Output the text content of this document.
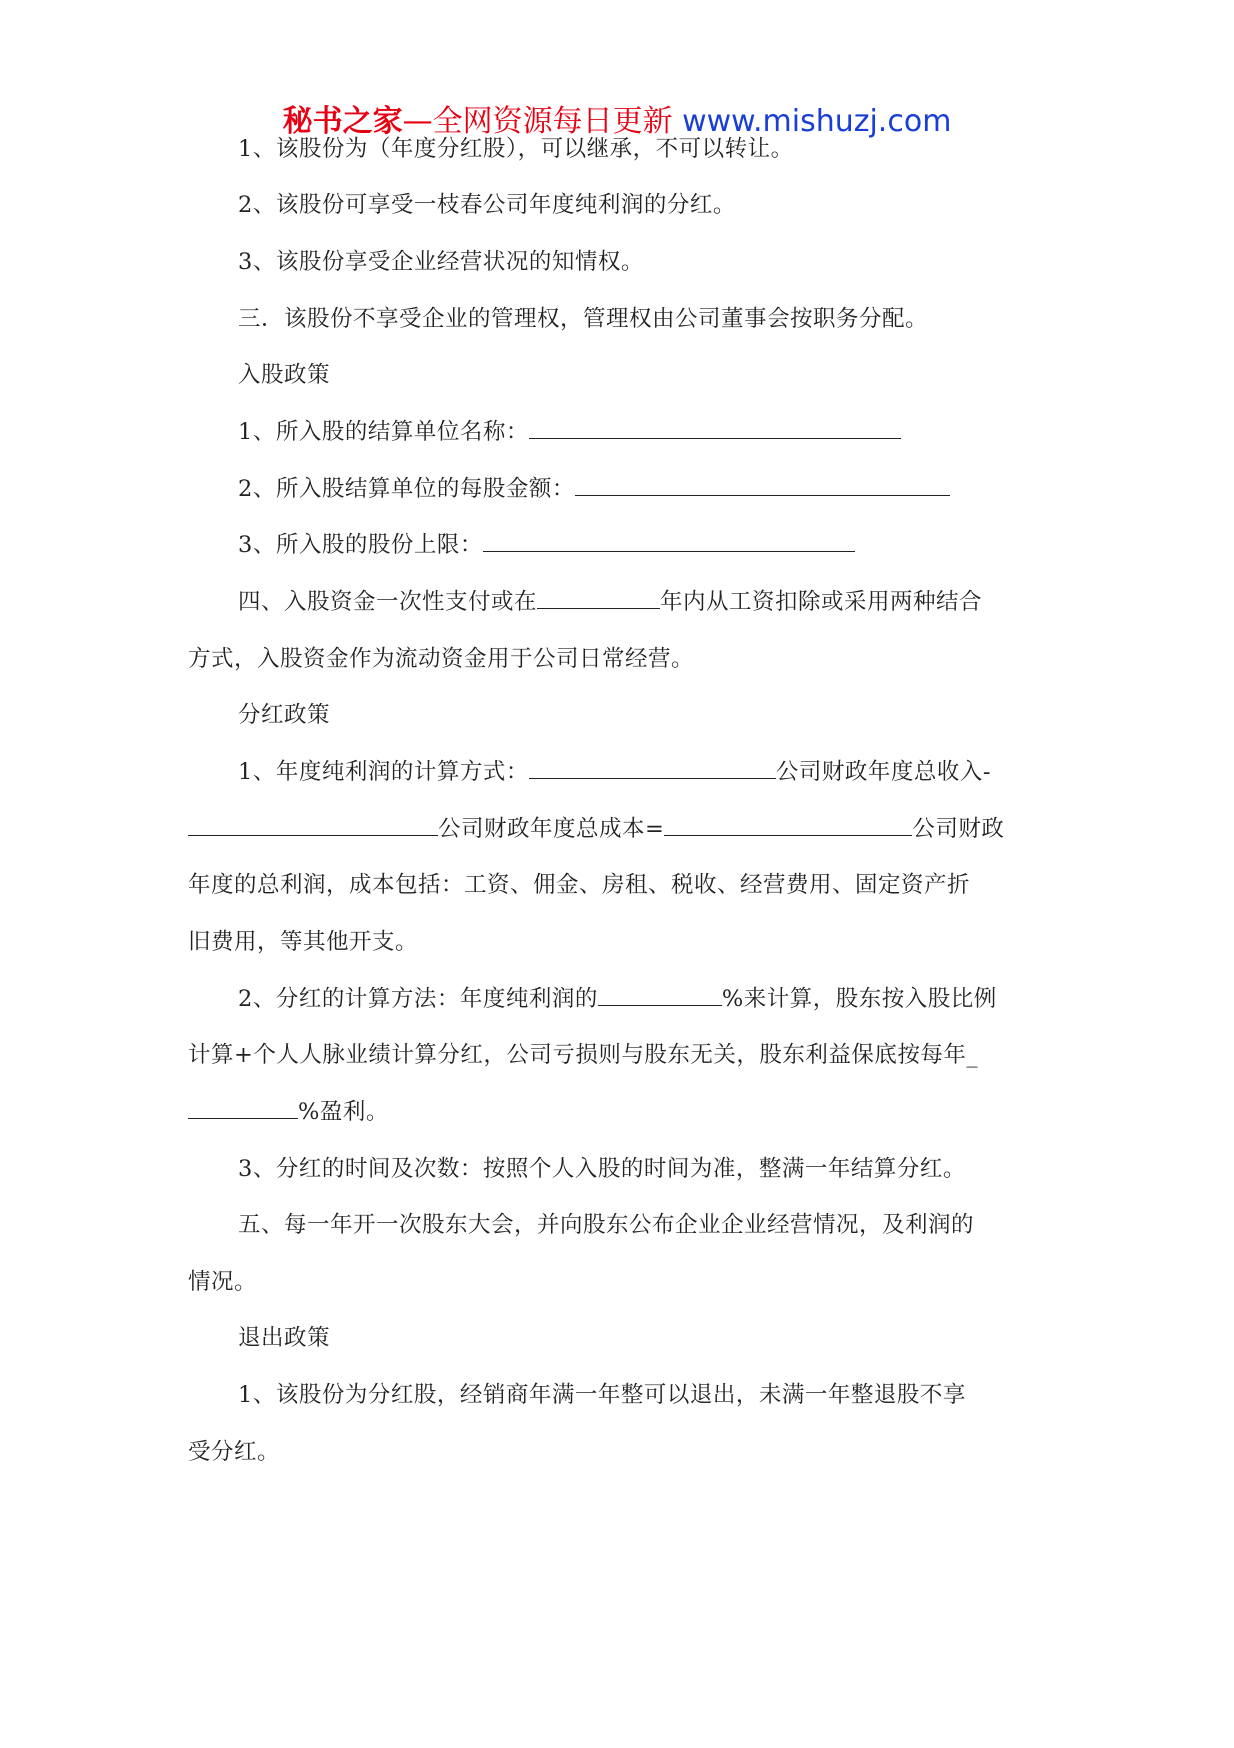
秘书之家—全网资源每日更新 www.mishuzj.com
1、该股份为（年度分红股），可以继承，不可以转让。
2、该股份可享受一枝春公司年度纯利润的分红。
3、该股份享受企业经营状况的知情权。
三．该股份不享受企业的管理权，管理权由公司董事会按职务分配。
入股政策
1、所入股的结算单位名称：
2、所入股结算单位的每股金额：
3、所入股的股份上限：
四、入股资金一次性支付或在	年内从工资扣除或采用两种结合
方式，入股资金作为流动资金用于公司日常经营。
分红政策
1、年度纯利润的计算方式：	公司财政年度总收入-
公司财政年度总成本=	公司财政
年度的总利润，成本包括：工资、佣金、房租、税收、经营费用、固定资产折
旧费用，等其他开支。
2、分红的计算方法：年度纯利润的	%来计算，股东按入股比例
计算+个人人脉业绩计算分红，公司亏损则与股东无关，股东利益保底按每年_
%盈利。
3、分红的时间及次数：按照个人入股的时间为准，整满一年结算分红。
五、每一年开一次股东大会，并向股东公布企业企业经营情况，及利润的
情况。
退出政策
1、该股份为分红股，经销商年满一年整可以退出，未满一年整退股不享
受分红。
